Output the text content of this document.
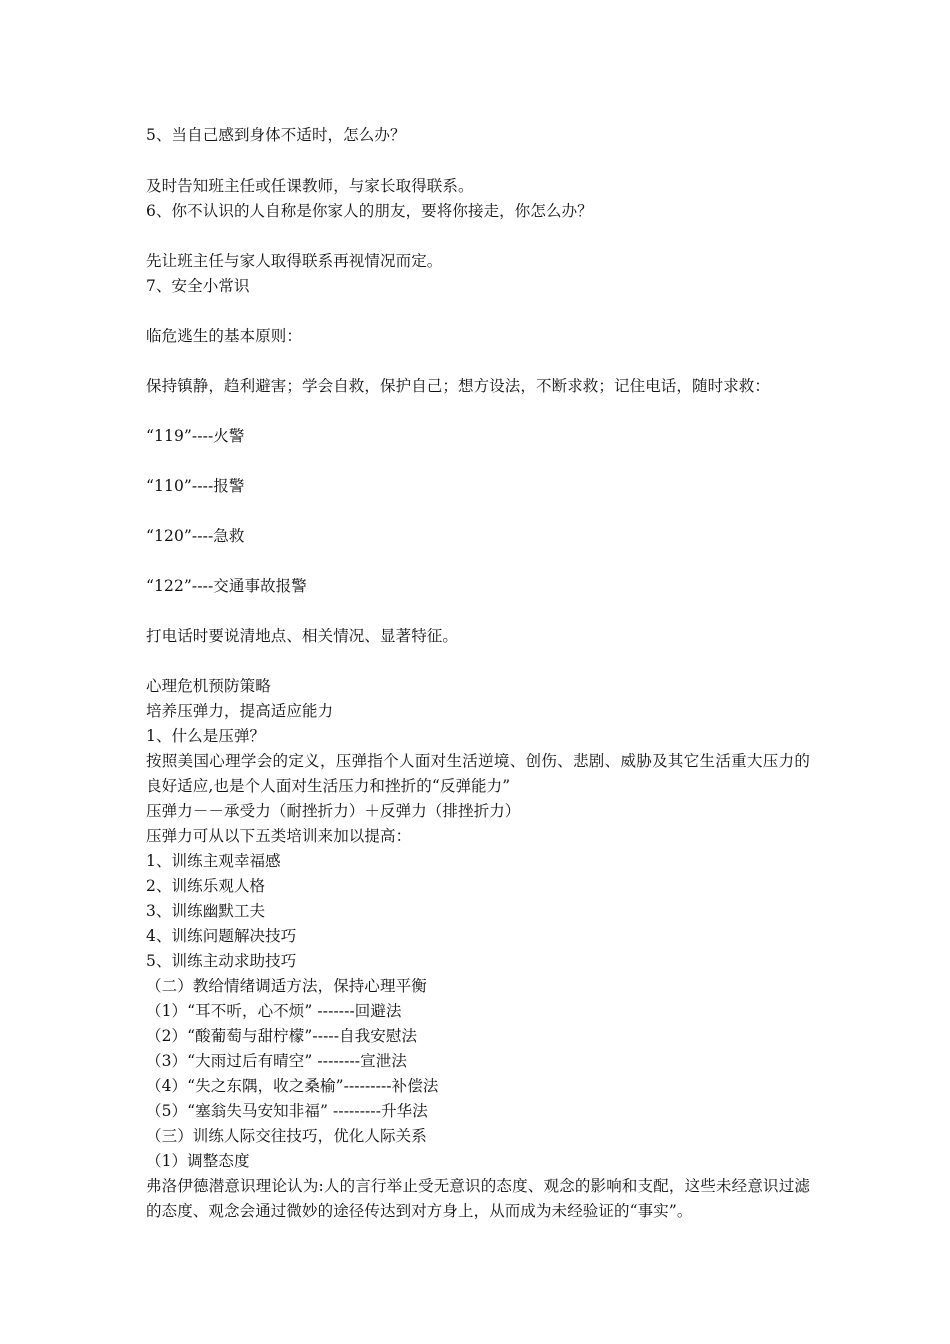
5、当自己感到身体不适时，怎么办？
及时告知班主任或任课教师，与家长取得联系。
6、你不认识的人自称是你家人的朋友，要将你接走，你怎么办？
先让班主任与家人取得联系再视情况而定。
7、安全小常识
临危逃生的基本原则：
保持镇静，趋利避害；学会自救，保护自己；想方设法，不断求救；记住电话，随时求救：
“119”----火警
“110”----报警
“120”----急救
“122”----交通事故报警
打电话时要说清地点、相关情况、显著特征。
心理危机预防策略
培养压弹力，提高适应能力
1、什么是压弹？
按照美国心理学会的定义，压弹指个人面对生活逆境、创伤、悲剧、威胁及其它生活重大压力的良好适应,也是个人面对生活压力和挫折的“反弹能力”
压弹力－－承受力（耐挫折力）＋反弹力（排挫折力）
压弹力可从以下五类培训来加以提高：
1、训练主观幸福感
2、训练乐观人格
3、训练幽默工夫
4、训练问题解决技巧
5、训练主动求助技巧
（二）教给情绪调适方法，保持心理平衡
（1）“耳不听，心不烦” -------回避法
（2）“酸葡萄与甜柠檬”-----自我安慰法
（3）“大雨过后有晴空” --------宣泄法
（4）“失之东隅，收之桑榆”---------补偿法
（5）“塞翁失马安知非福” ---------升华法
（三）训练人际交往技巧，优化人际关系
（1）调整态度
弗洛伊德潜意识理论认为:人的言行举止受无意识的态度、观念的影响和支配，这些未经意识过滤的态度、观念会通过微妙的途径传达到对方身上，从而成为未经验证的“事实”。
